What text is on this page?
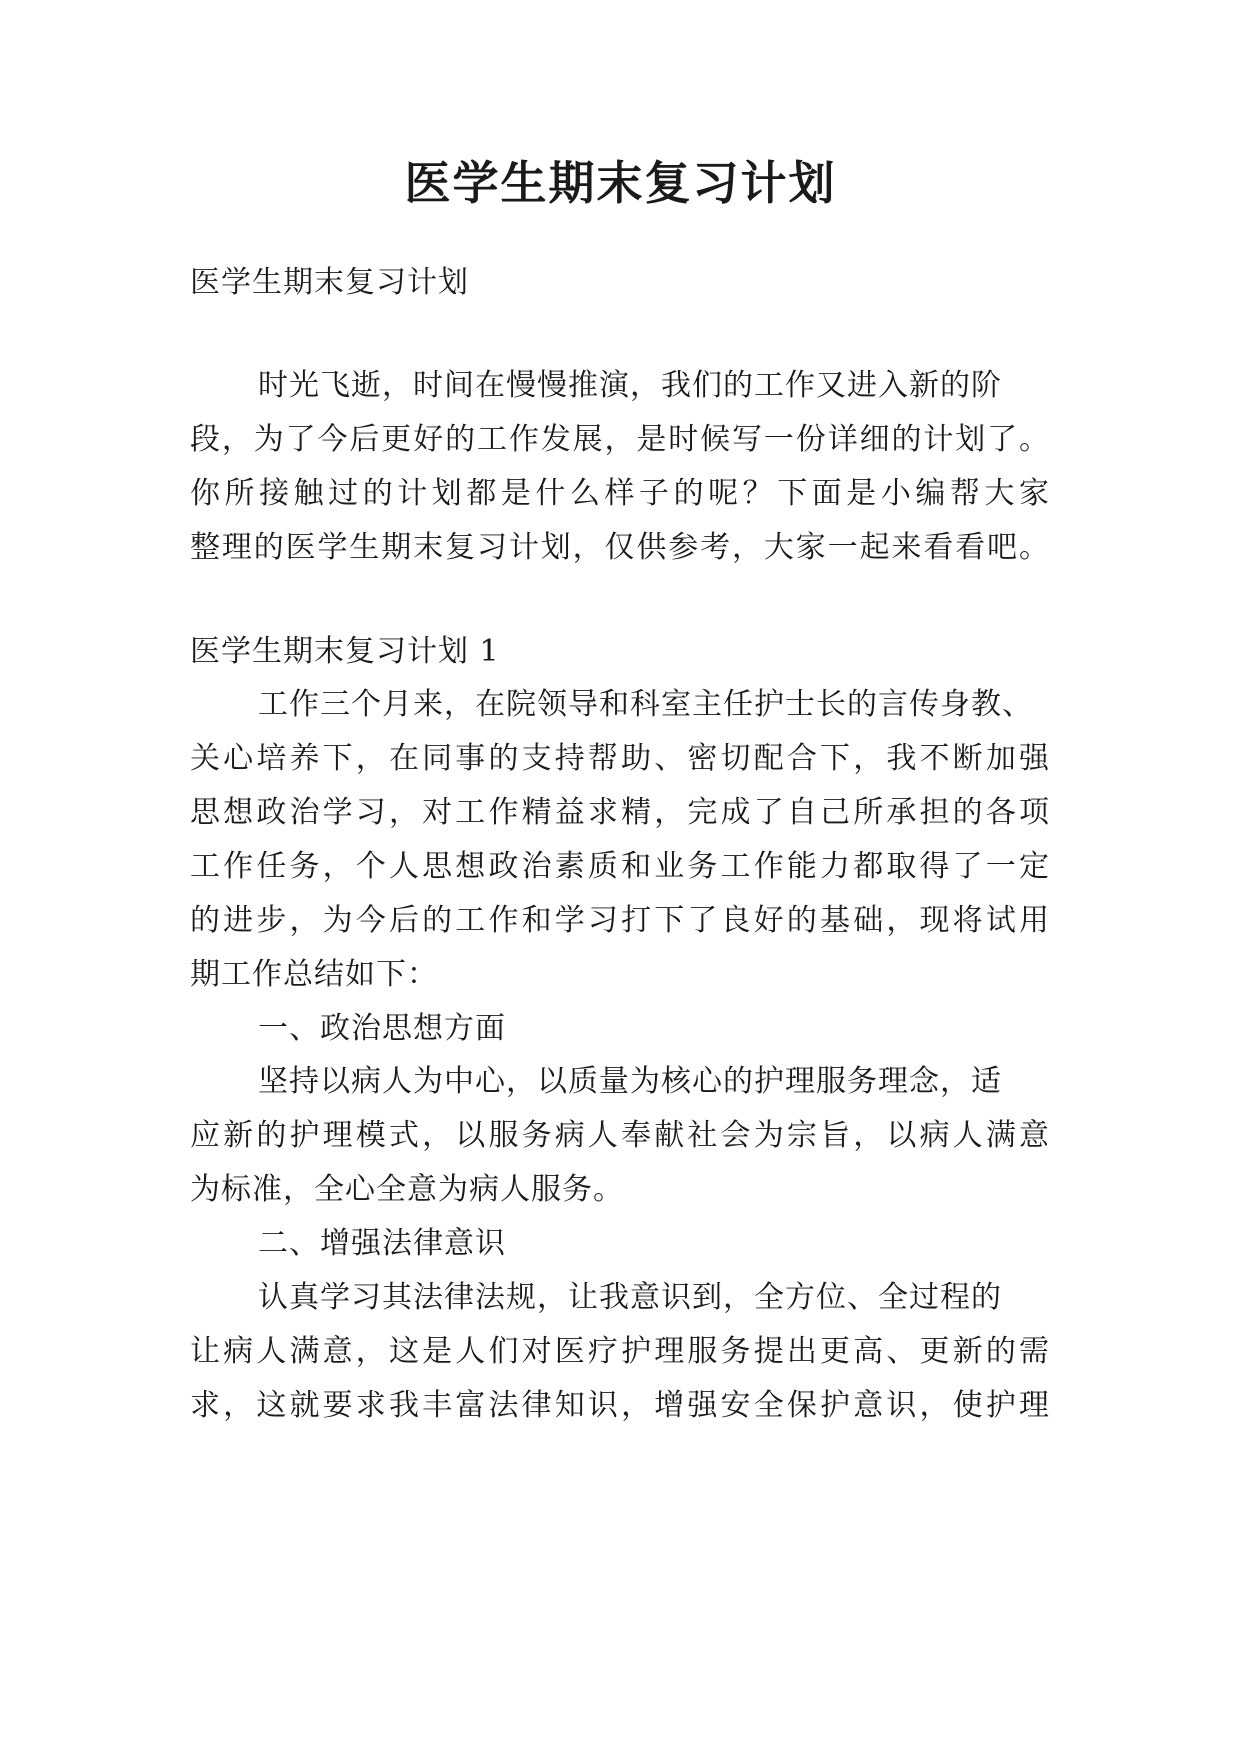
医学生期末复习计划
医学生期末复习计划
时光飞逝，时间在慢慢推演，我们的工作又进入新的阶
段，为了今后更好的工作发展，是时候写一份详细的计划了。
你所接触过的计划都是什么样子的呢？下面是小编帮大家
整理的医学生期末复习计划，仅供参考，大家一起来看看吧。
医学生期末复习计划 1
工作三个月来，在院领导和科室主任护士长的言传身教、
关心培养下，在同事的支持帮助、密切配合下，我不断加强
思想政治学习，对工作精益求精，完成了自己所承担的各项
工作任务，个人思想政治素质和业务工作能力都取得了一定
的进步，为今后的工作和学习打下了良好的基础，现将试用
期工作总结如下：
一、政治思想方面
坚持以病人为中心，以质量为核心的护理服务理念，适
应新的护理模式，以服务病人奉献社会为宗旨，以病人满意
为标准，全心全意为病人服务。
二、增强法律意识
认真学习其法律法规，让我意识到，全方位、全过程的
让病人满意，这是人们对医疗护理服务提出更高、更新的需
求，这就要求我丰富法律知识，增强安全保护意识，使护理
